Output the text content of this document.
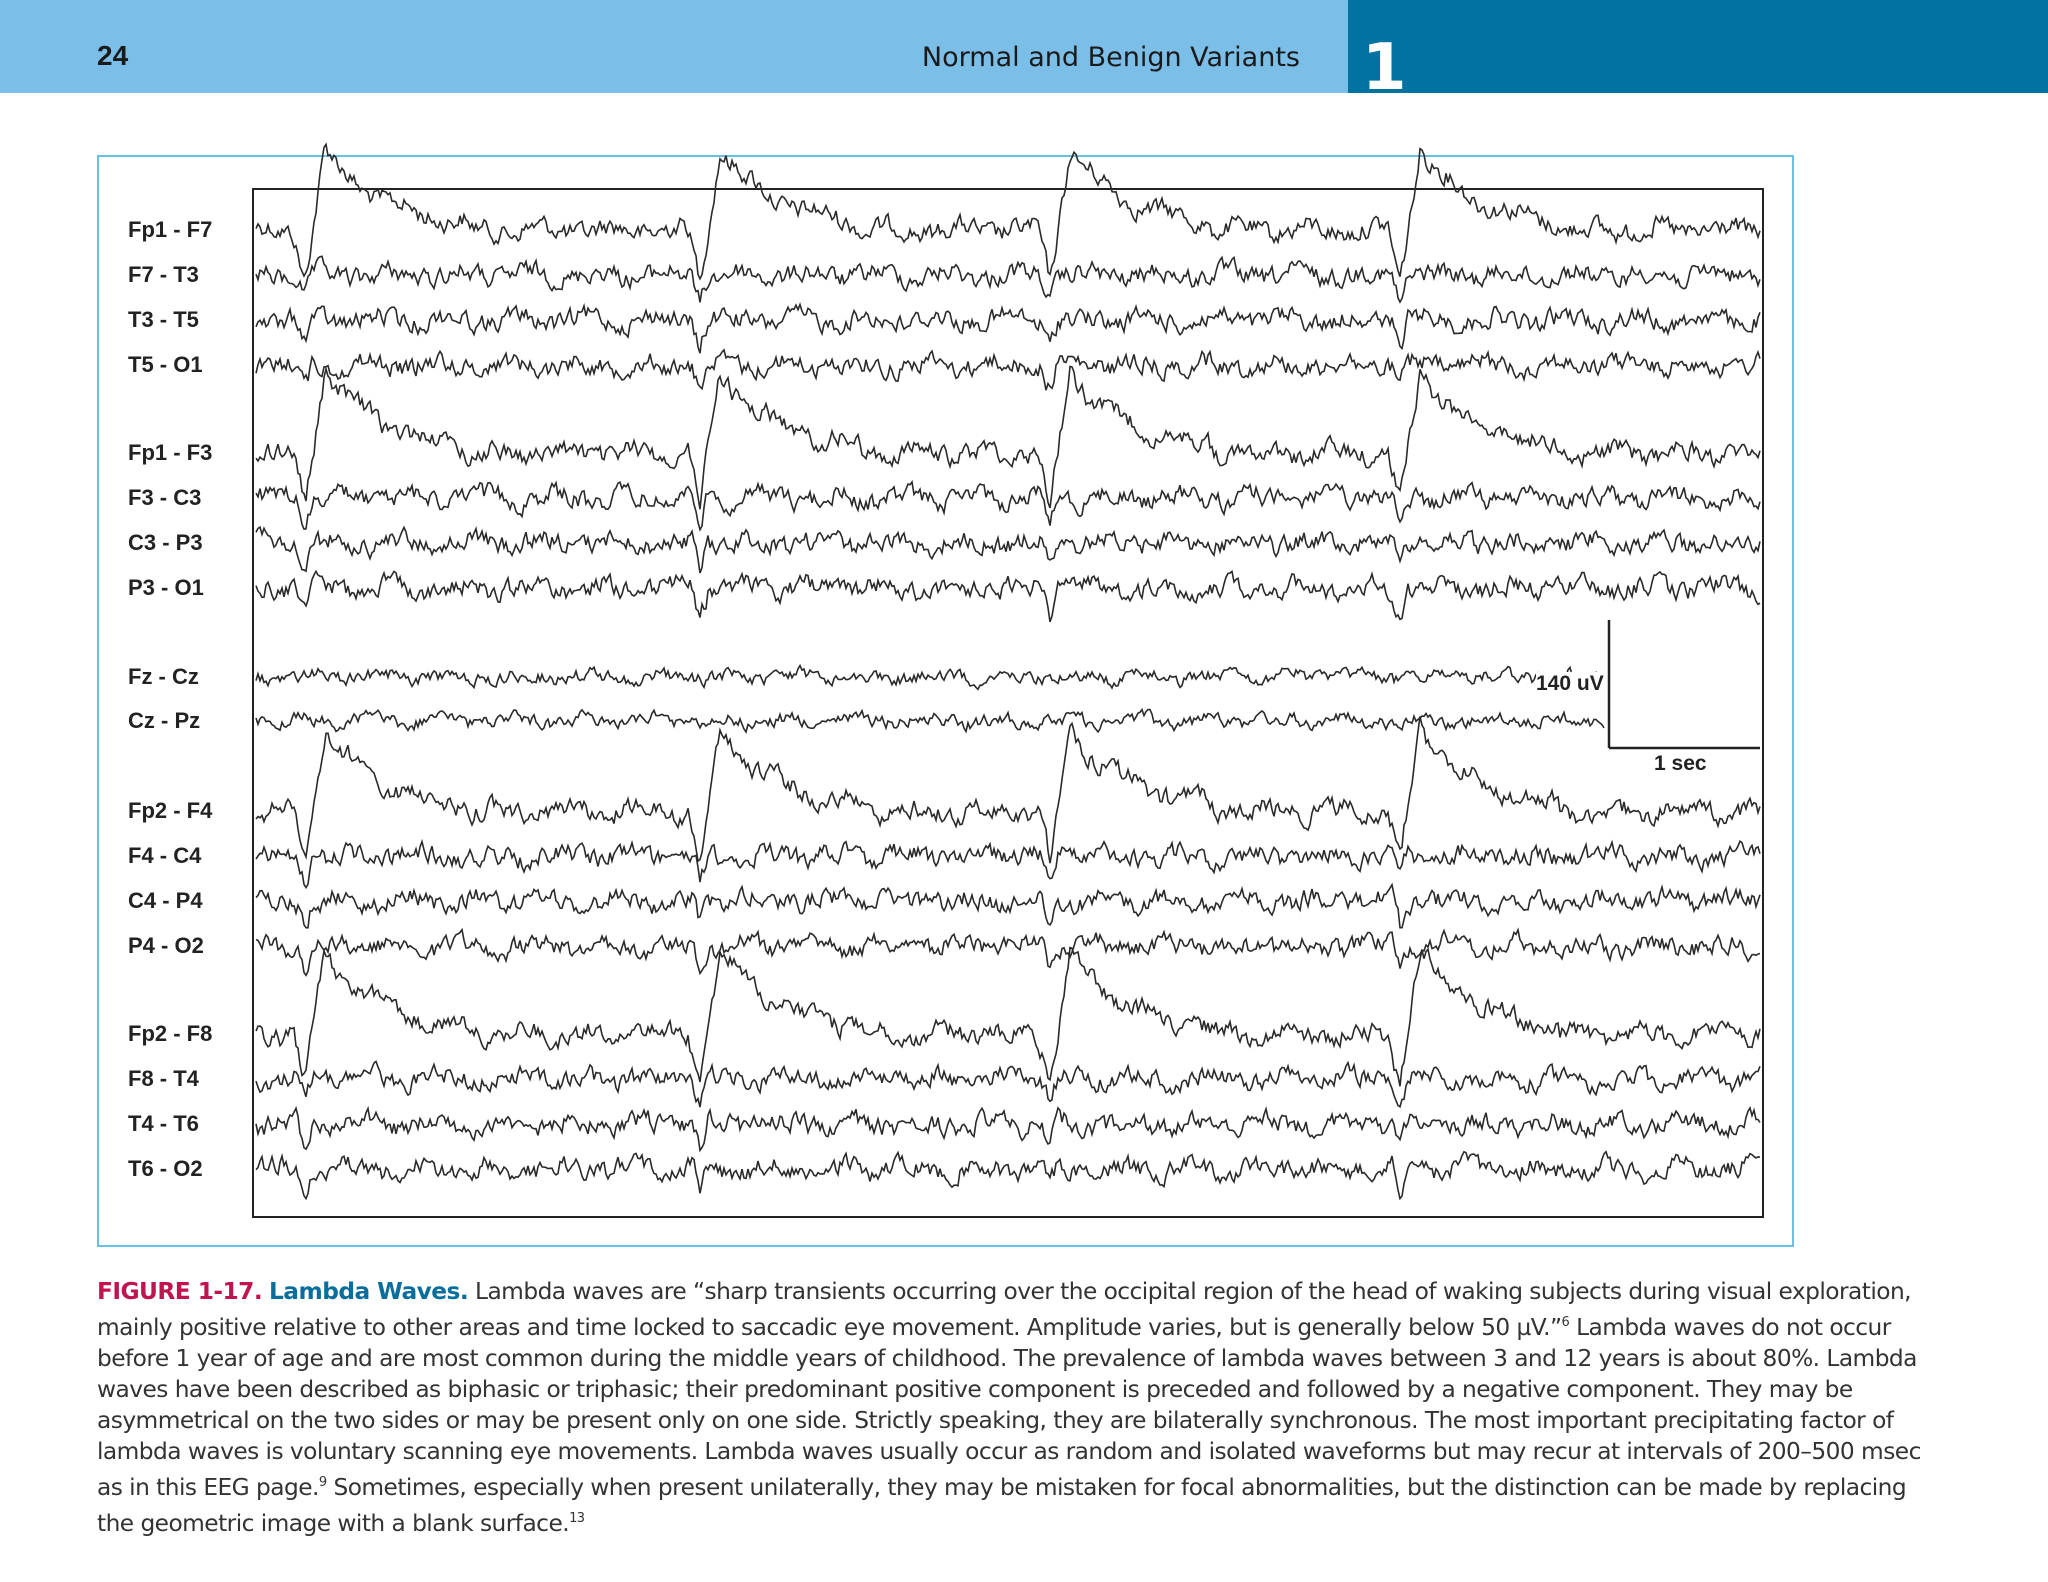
24	Normal and Benign Variants 1
Fp1 - F7
F7 - T3
T3 - T5
T5 - O1
Fp1 - F3
F3 - C3
C3 - P3
P3 - O1
Fz - Cz
Cz - Pz
Fp2 - F4
F4 - C4
C4 - P4
P4 - O2
Fp2 - F8
F8 - T4
T4 - T6
T6 - O2
140 uV
1 sec
FIGURE 1-17. Lambda Waves. Lambda waves are “sharp transients occurring over the occipital region of the head of waking subjects during visual exploration, mainly positive relative to other areas and time locked to saccadic eye movement. Amplitude varies, but is generally below 50 µV.”$^6$ Lambda waves do not occur before 1 year of age and are most common during the middle years of childhood. The prevalence of lambda waves between 3 and 12 years is about 80%. Lambda waves have been described as biphasic or triphasic; their predominant positive component is preceded and followed by a negative component. They may be asymmetrical on the two sides or may be present only on one side. Strictly speaking, they are bilaterally synchronous. The most important precipitating factor of lambda waves is voluntary scanning eye movements. Lambda waves usually occur as random and isolated waveforms but may recur at intervals of 200–500 msec as in this EEG page.$^9$ Sometimes, especially when present unilaterally, they may be mistaken for focal abnormalities, but the distinction can be made by replacing the geometric image with a blank surface.$^{13}$
